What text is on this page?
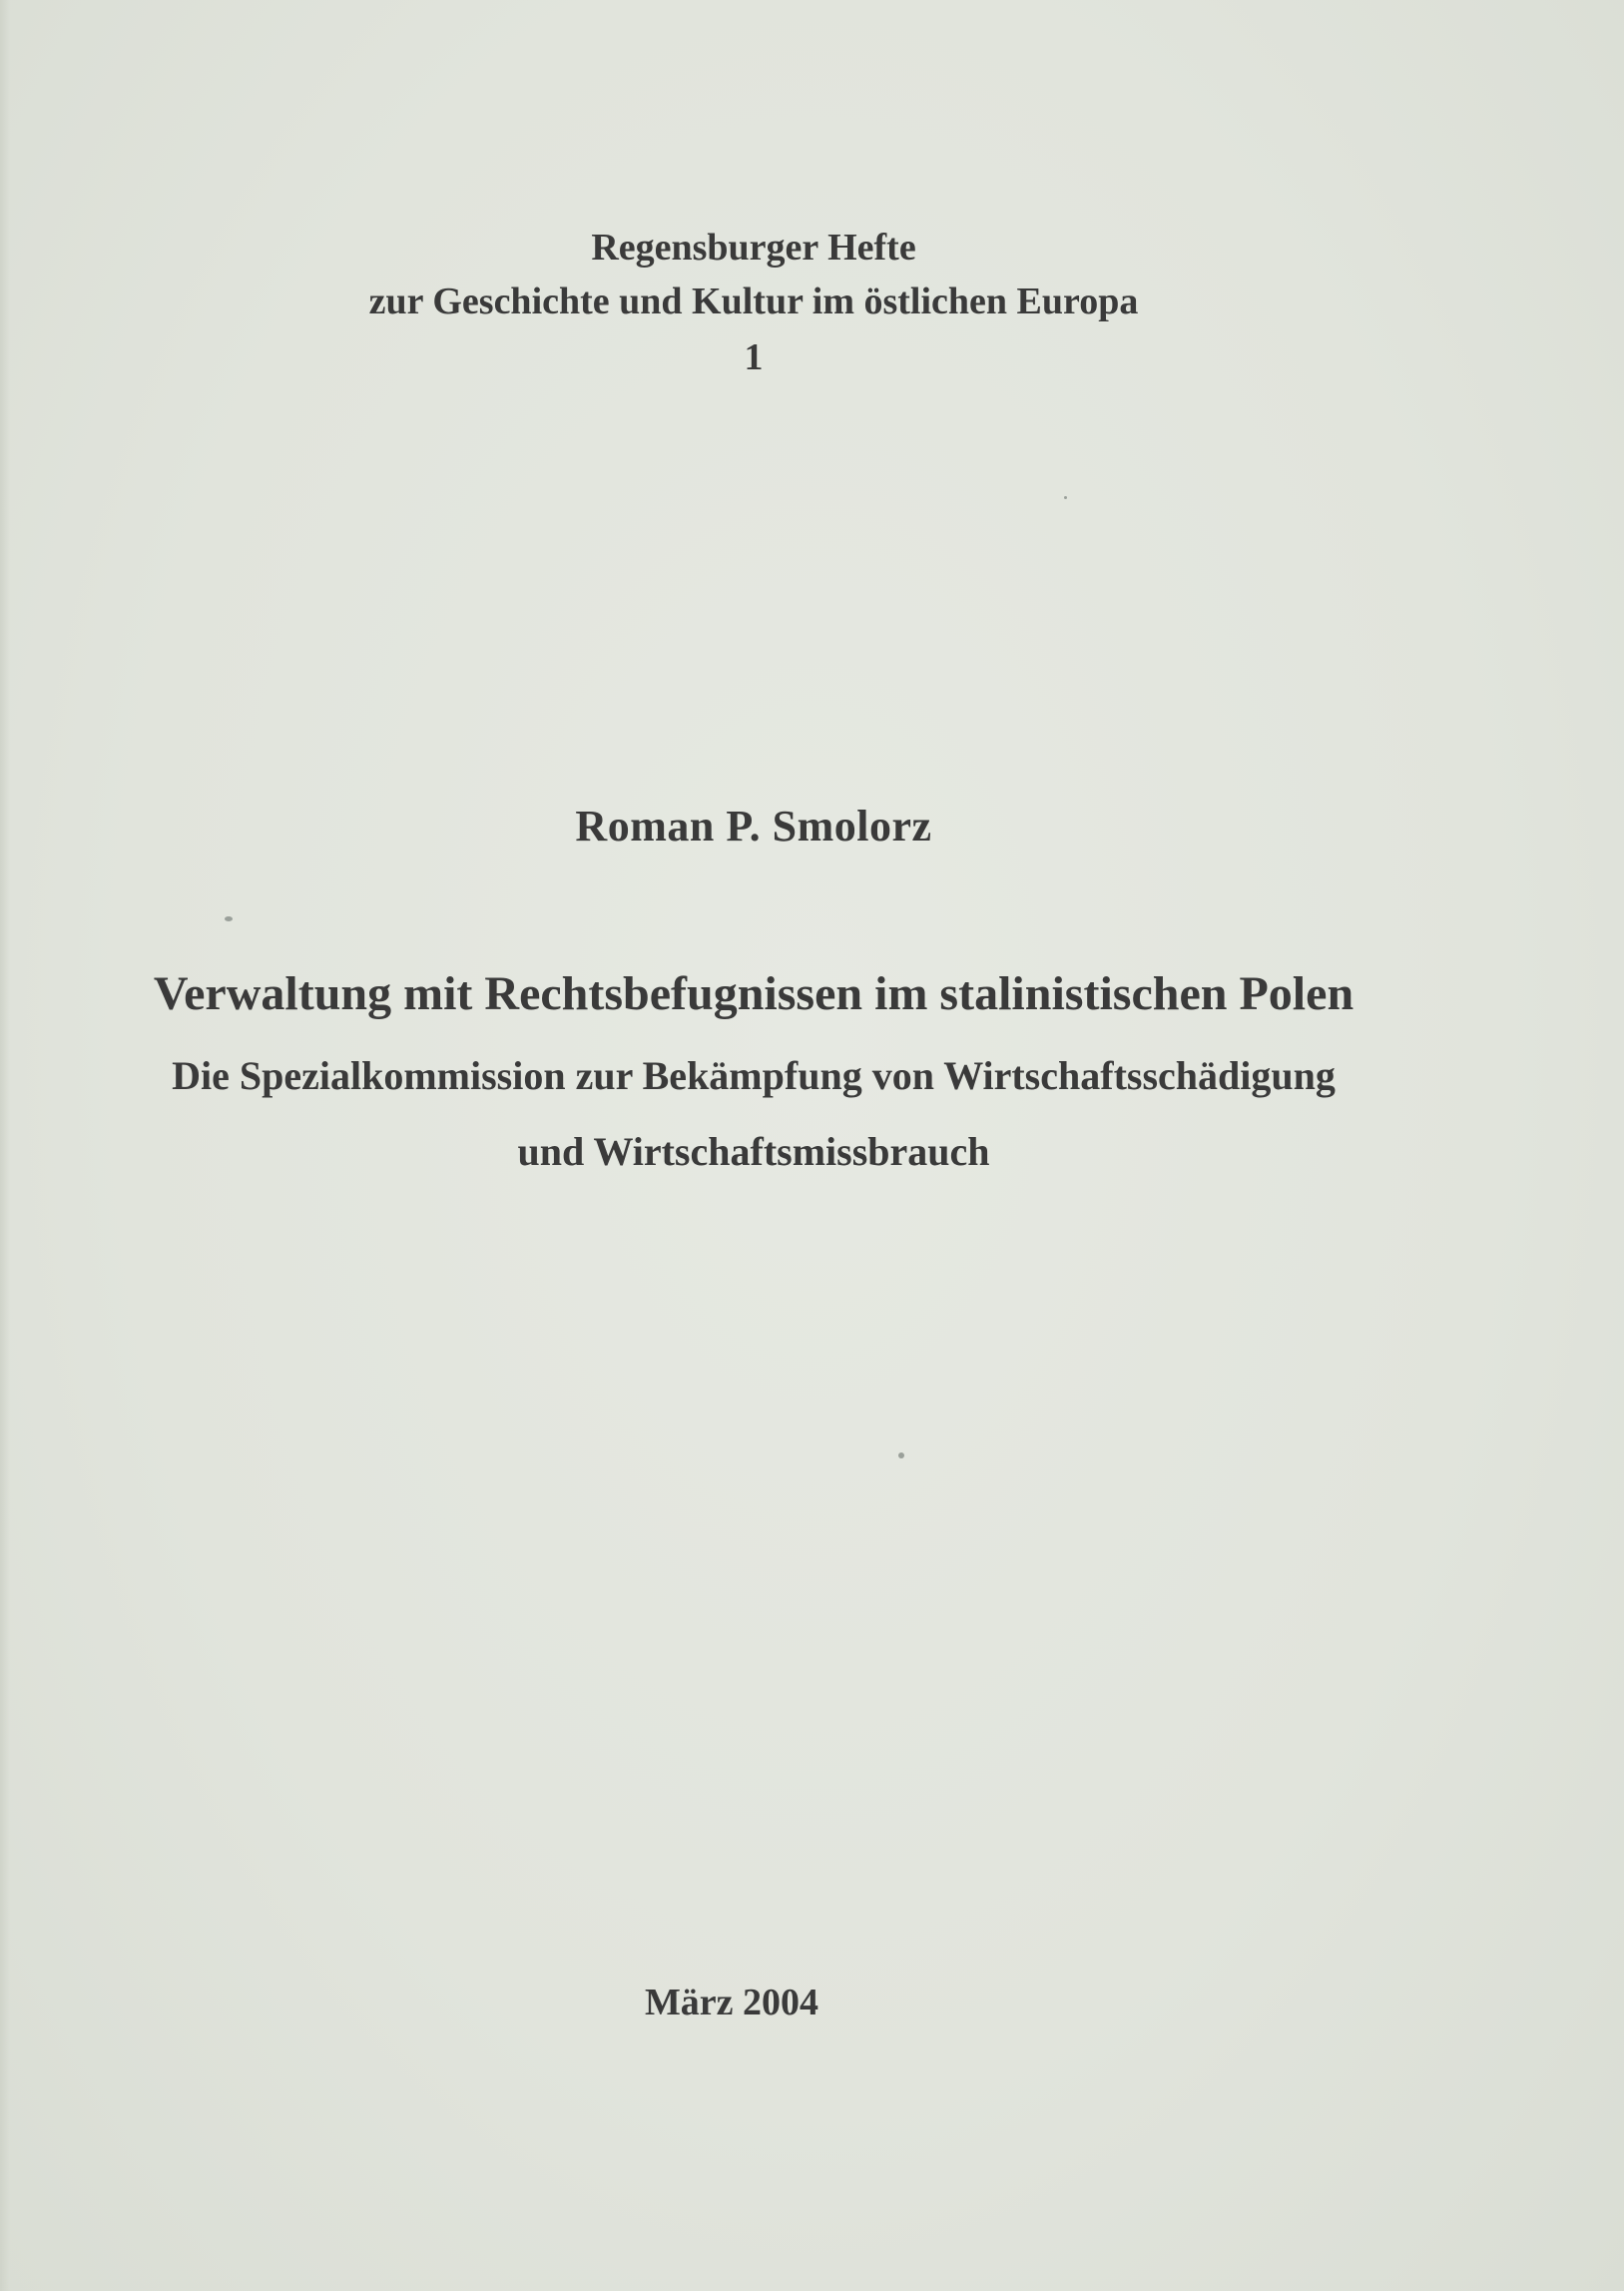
Regensburger Hefte
zur Geschichte und Kultur im östlichen Europa
1
Roman P. Smolorz
Verwaltung mit Rechtsbefugnissen im stalinistischen Polen
Die Spezialkommission zur Bekämpfung von Wirtschaftsschädigung
und Wirtschaftsmissbrauch
März 2004
